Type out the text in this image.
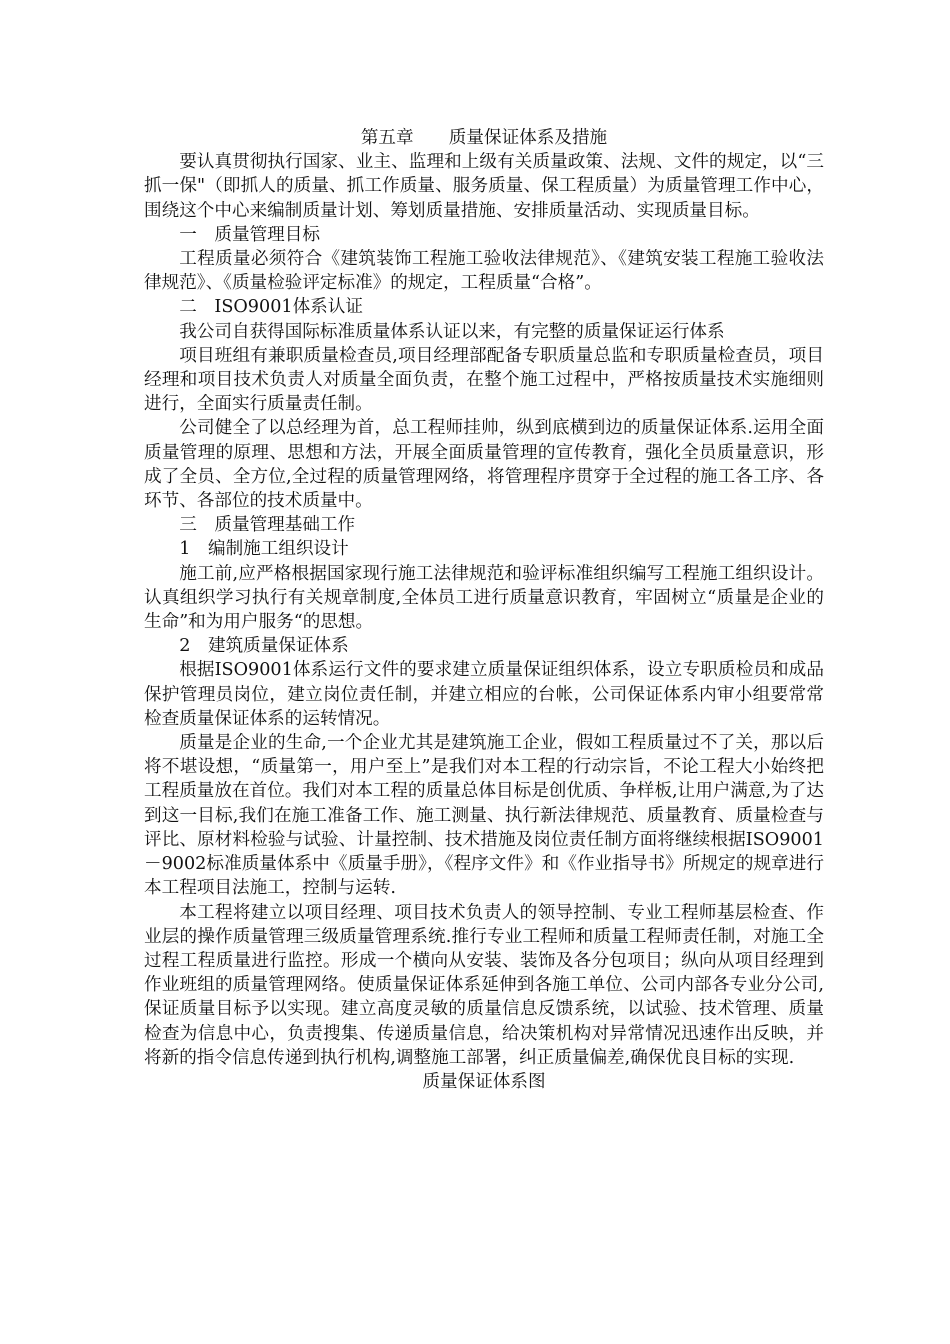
第五章　　质量保证体系及措施

要认真贯彻执行国家、业主、监理和上级有关质量政策、法规、文件的规定，以“三抓一保"（即抓人的质量、抓工作质量、服务质量、保工程质量）为质量管理工作中心，围绕这个中心来编制质量计划、筹划质量措施、安排质量活动、实现质量目标。

一　质量管理目标

工程质量必须符合《建筑装饰工程施工验收法律规范》、《建筑安装工程施工验收法律规范》、《质量检验评定标准》的规定，工程质量“合格”。

二　ISO9001体系认证

我公司自获得国际标准质量体系认证以来，有完整的质量保证运行体系

项目班组有兼职质量检查员,项目经理部配备专职质量总监和专职质量检查员，项目经理和项目技术负责人对质量全面负责，在整个施工过程中，严格按质量技术实施细则进行，全面实行质量责任制。

公司健全了以总经理为首，总工程师挂帅，纵到底横到边的质量保证体系.运用全面质量管理的原理、思想和方法，开展全面质量管理的宣传教育，强化全员质量意识，形成了全员、全方位,全过程的质量管理网络，将管理程序贯穿于全过程的施工各工序、各环节、各部位的技术质量中。

三　质量管理基础工作

1　编制施工组织设计

施工前,应严格根据国家现行施工法律规范和验评标准组织编写工程施工组织设计。认真组织学习执行有关规章制度,全体员工进行质量意识教育，牢固树立“质量是企业的生命”和为用户服务“的思想。

2　建筑质量保证体系

根据ISO9001体系运行文件的要求建立质量保证组织体系，设立专职质检员和成品保护管理员岗位，建立岗位责任制，并建立相应的台帐，公司保证体系内审小组要常常检查质量保证体系的运转情况。

质量是企业的生命,一个企业尤其是建筑施工企业，假如工程质量过不了关，那以后将不堪设想，“质量第一，用户至上”是我们对本工程的行动宗旨，不论工程大小始终把工程质量放在首位。我们对本工程的质量总体目标是创优质、争样板,让用户满意,为了达到这一目标,我们在施工准备工作、施工测量、执行新法律规范、质量教育、质量检查与评比、原材料检验与试验、计量控制、技术措施及岗位责任制方面将继续根据ISO9001－9002标准质量体系中《质量手册》，《程序文件》和《作业指导书》所规定的规章进行本工程项目法施工，控制与运转.

本工程将建立以项目经理、项目技术负责人的领导控制、专业工程师基层检查、作业层的操作质量管理三级质量管理系统.推行专业工程师和质量工程师责任制，对施工全过程工程质量进行监控。形成一个横向从安装、装饰及各分包项目；纵向从项目经理到作业班组的质量管理网络。使质量保证体系延伸到各施工单位、公司内部各专业分公司,保证质量目标予以实现。建立高度灵敏的质量信息反馈系统，以试验、技术管理、质量检查为信息中心，负责搜集、传递质量信息，给决策机构对异常情况迅速作出反映，并将新的指令信息传递到执行机构,调整施工部署，纠正质量偏差,确保优良目标的实现.

质量保证体系图
